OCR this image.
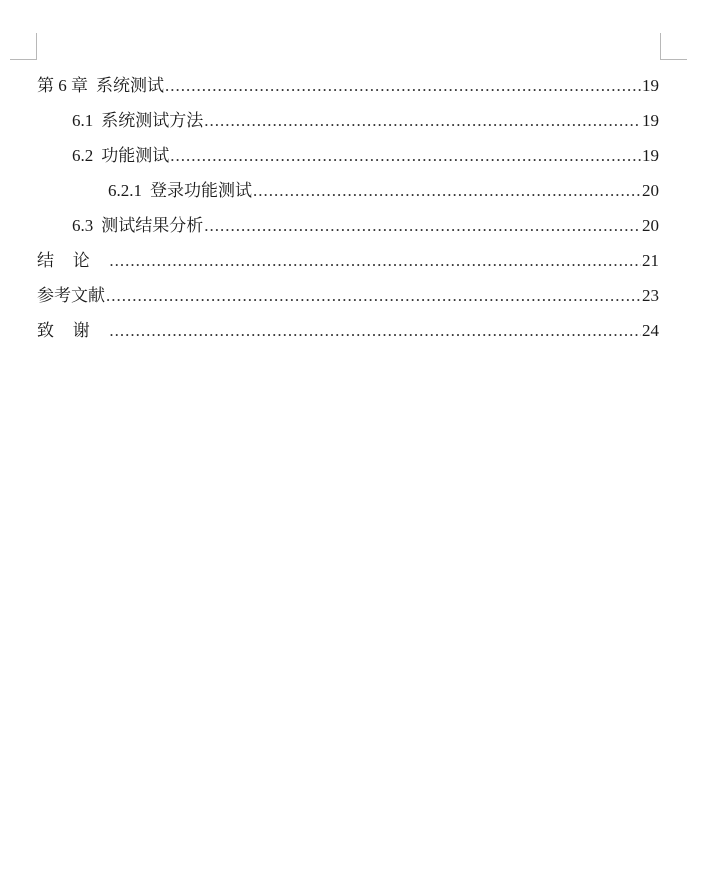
第 6 章 系统测试 .....	19
6.1 系统测试方法 .....	19
6.2 功能测试 .....	19
6.2.1 登录功能测试 .....	20
6.3 测试结果分析 .....	20
结论 .....	21
参考文献 .....	23
致谢 .....	24
